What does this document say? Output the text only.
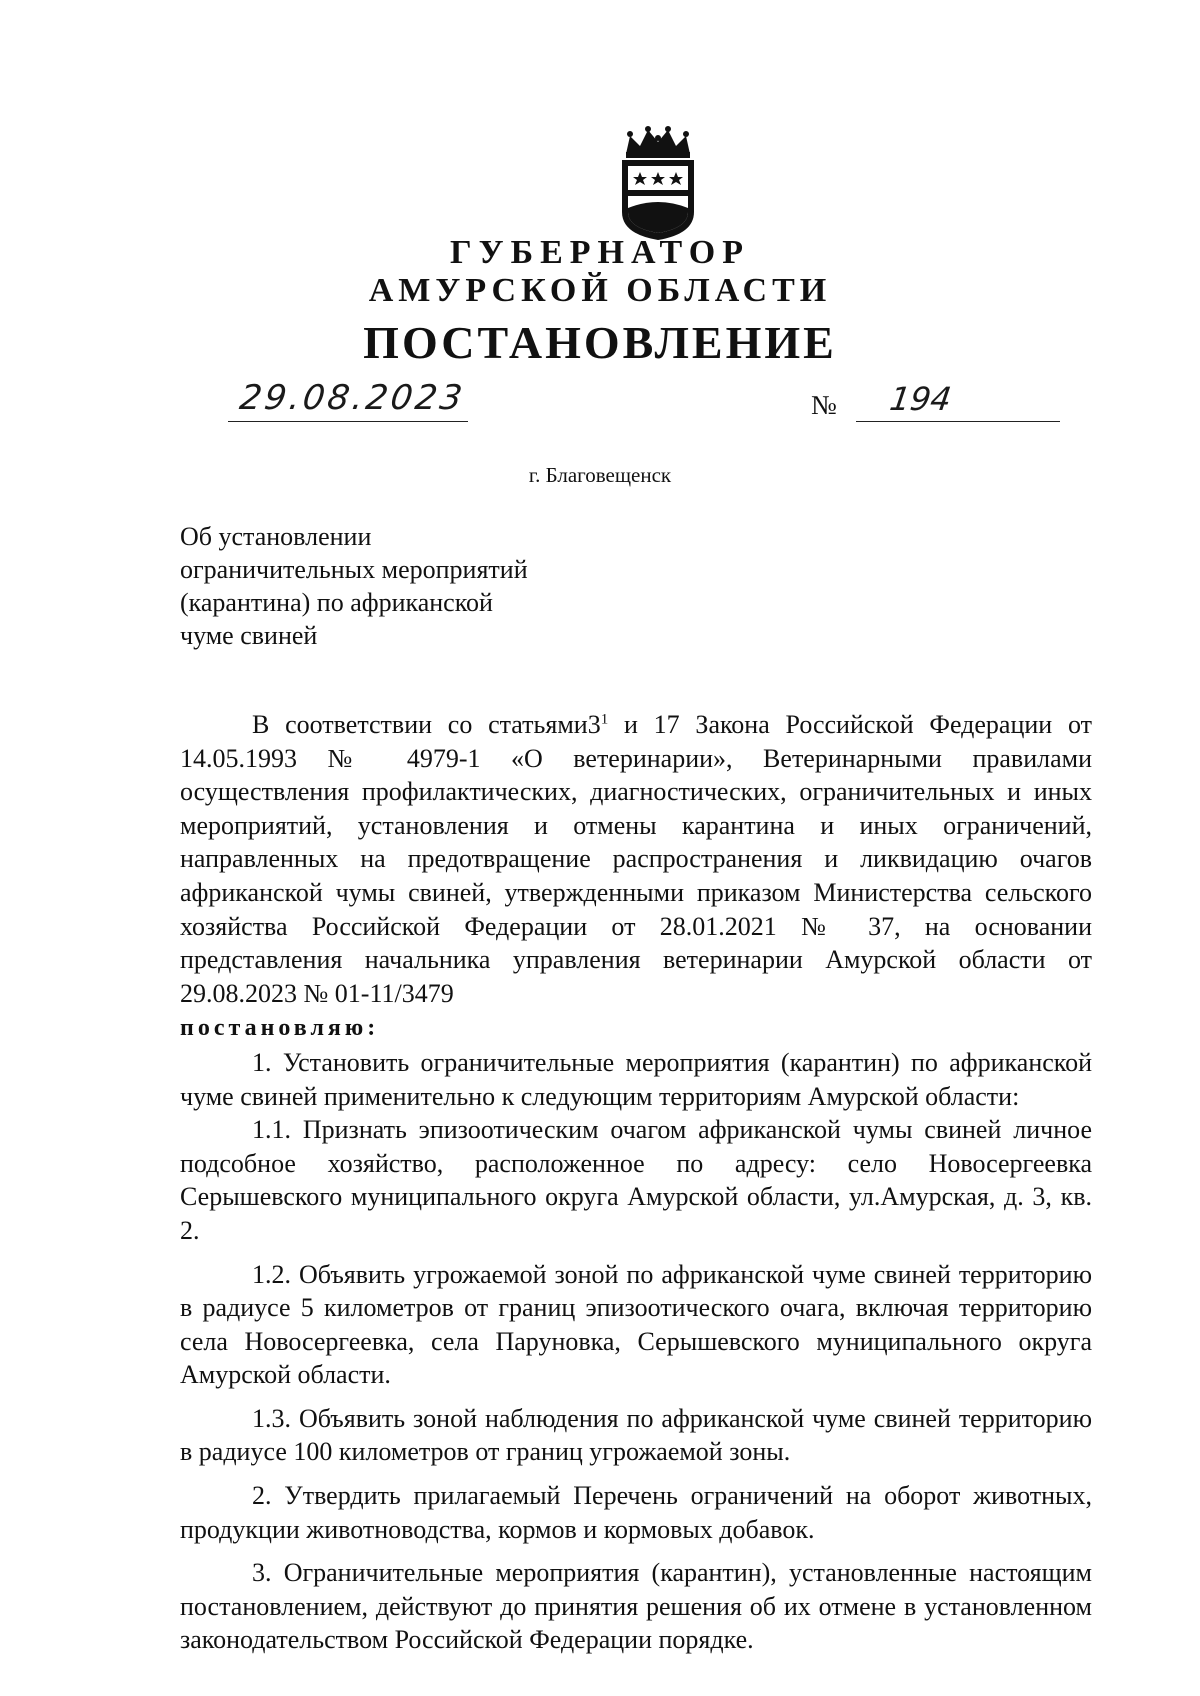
ГУБЕРНАТОР
АМУРСКОЙ ОБЛАСТИ
ПОСТАНОВЛЕНИЕ
29.08.2023	№ 194
г. Благовещенск
Об установлении
ограничительных мероприятий
(карантина) по африканской
чуме свиней

В соответствии со $статьями3^1$ и 17 Закона Российской Федерации от 14.05.1993 № 4979-1 «О ветеринарии», Ветеринарными правилами осуществления профилактических, диагностических, ограничительных и иных мероприятий, установления и отмены карантина и иных ограничений, направленных на предотвращение распространения и ликвидацию очагов африканской чумы свиней, утвержденными приказом Министерства сельского хозяйства Российской Федерации от 28.01.2021 № 37, на основании представления начальника управления ветеринарии Амурской области от 29.08.2023 № 01-11/3479

постановляю:

1. Установить ограничительные мероприятия (карантин) по африканской чуме свиней применительно к следующим территориям Амурской области:

1.1. Признать эпизоотическим очагом африканской чумы свиней личное подсобное хозяйство, расположенное по адресу: село Новосергеевка Серышевского муниципального округа Амурской области, ул.Амурская, д. 3, кв. 2.

1.2. Объявить угрожаемой зоной по африканской чуме свиней территорию в радиусе 5 километров от границ эпизоотического очага, включая территорию села Новосергеевка, села Паруновка, Серышевского муниципального округа Амурской области.

1.3. Объявить зоной наблюдения по африканской чуме свиней территорию в радиусе 100 километров от границ угрожаемой зоны.

2. Утвердить прилагаемый Перечень ограничений на оборот животных, продукции животноводства, кормов и кормовых добавок.

3. Ограничительные мероприятия (карантин), установленные настоящим постановлением, действуют до принятия решения об их отмене в установленном законодательством Российской Федерации порядке.
